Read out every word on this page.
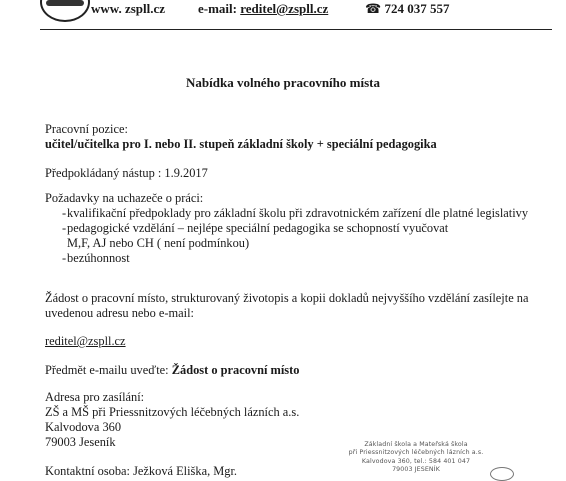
www. zspll.cz	e-mail: reditel@zspll.cz	☎ 724 037 557
Nabídka volného pracovního místa
Pracovní pozice:
učitel/učitelka pro I. nebo II. stupeň základní školy + speciální pedagogika
Předpokládaný nástup : 1.9.2017
Požadavky na uchazeče o práci:
- kvalifikační předpoklady pro základní školu při zdravotnickém zařízení dle platné legislativy
- pedagogické vzdělání – nejlépe speciální pedagogika se schopností vyučovat
M,F, AJ nebo CH ( není podmínkou)
- bezúhonnost
Žádost o pracovní místo, strukturovaný životopis a kopii dokladů nejvyššího vzdělání zasílejte na
uvedenou adresu nebo e-mail:
reditel@zspll.cz
Předmět e-mailu uveďte: Žádost o pracovní místo
Adresa pro zasílání:
ZŠ a MŠ při Priessnitzových léčebných lázních a.s.
Kalvodova 360
79003 Jeseník
Kontaktní osoba: Ježková Eliška, Mgr.
Základní škola a Mateřská škola
při Priessnitzových léčebných lázních a.s.
Kalvodova 360, tel.: 584 401 047
79003 JESENÍK
